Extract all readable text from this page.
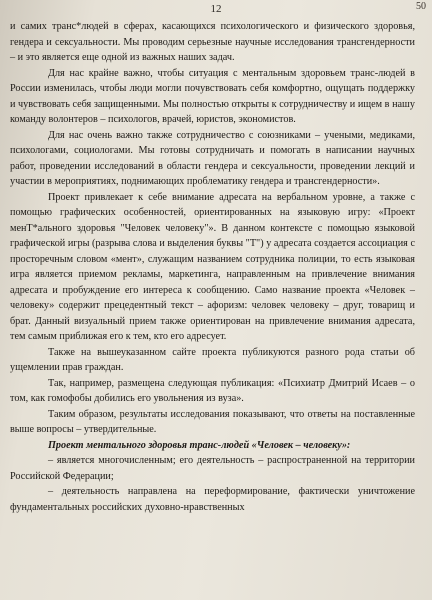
12	50

и самих транс*людей в сферах, касающихся психологического и физического здоровья, гендера и сексуальности. Мы проводим серьезные научные исследования трансгендерности – и это является еще одной из важных наших задач.

Для нас крайне важно, чтобы ситуация с ментальным здоровьем транс-людей в России изменилась, чтобы люди могли почувствовать себя комфортно, ощущать поддержку и чувствовать себя защищенными. Мы полностью открыты к сотрудничеству и ищем в нашу команду волонтеров – психологов, врачей, юристов, экономистов.

Для нас очень важно также сотрудничество с союзниками – учеными, медиками, психологами, социологами. Мы готовы сотрудничать и помогать в написании научных работ, проведении исследований в области гендера и сексуальности, проведении лекций и участии в мероприятиях, поднимающих проблематику гендера и трансгендерности».

Проект привлекает к себе внимание адресата на вербальном уровне, а также с помощью графических особенностей, ориентированных на языковую игру: «Проект менТ*ального здоровья "Человек человеку"». В данном контексте с помощью языковой графической игры (разрыва слова и выделения буквы "Т") у адресата создается ассоциация с просторечным словом «мент», служащим названием сотрудника полиции, то есть языковая игра является приемом рекламы, маркетинга, направленным на привлечение внимания адресата и пробуждение его интереса к сообщению. Само название проекта «Человек – человеку» содержит прецедентный текст – афоризм: человек человеку – друг, товарищ и брат. Данный визуальный прием также ориентирован на привлечение внимания адресата, тем самым приближая его к тем, кто его адресует.

Также на вышеуказанном сайте проекта публикуются разного рода статьи об ущемлении прав граждан.

Так, например, размещена следующая публикация: «Психиатр Дмитрий Исаев – о том, как гомофобы добились его увольнения из вуза».

Таким образом, результаты исследования показывают, что ответы на поставленные выше вопросы – утвердительные.

Проект ментального здоровья транс-людей «Человек – человеку»:

– является многочисленным; его деятельность – распространенной на территории Российской Федерации;

– деятельность направлена на переформирование, фактически уничтожение фундаментальных российских духовно-нравственных
